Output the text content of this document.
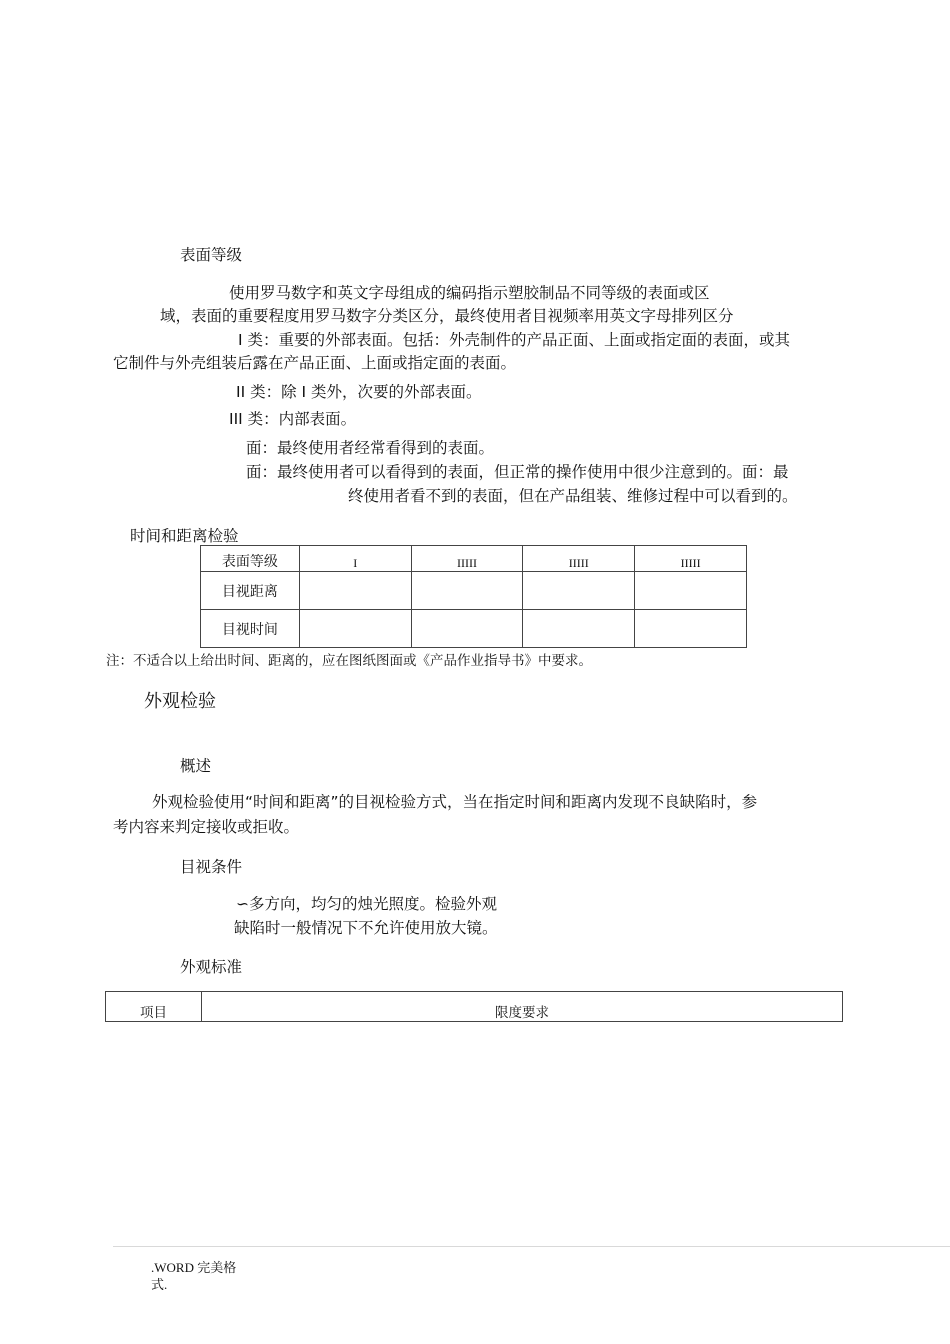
表面等级
使用罗马数字和英文字母组成的编码指示塑胶制品不同等级的表面或区
域，表面的重要程度用罗马数字分类区分，最终使用者目视频率用英文字母排列区分
I 类：重要的外部表面。包括：外壳制件的产品正面、上面或指定面的表面，或其
它制件与外壳组装后露在产品正面、上面或指定面的表面。
II 类：除 I 类外，次要的外部表面。
III 类：内部表面。
面：最终使用者经常看得到的表面。
面：最终使用者可以看得到的表面，但正常的操作使用中很少注意到的。面：最
终使用者看不到的表面，但在产品组装、维修过程中可以看到的。
时间和距离检验
表面等级	I	IIIII	IIIII	IIIII
目视距离				
目视时间				
注：不适合以上给出时间、距离的，应在图纸图面或《产品作业指导书》中要求。
外观检验
概述
外观检验使用“时间和距离”的目视检验方式，当在指定时间和距离内发现不良缺陷时，参
考内容来判定接收或拒收。
目视条件
∽多方向，均匀的烛光照度。检验外观
缺陷时一般情况下不允许使用放大镜。
外观标准
项目	限度要求
.WORD 完美格
式.
